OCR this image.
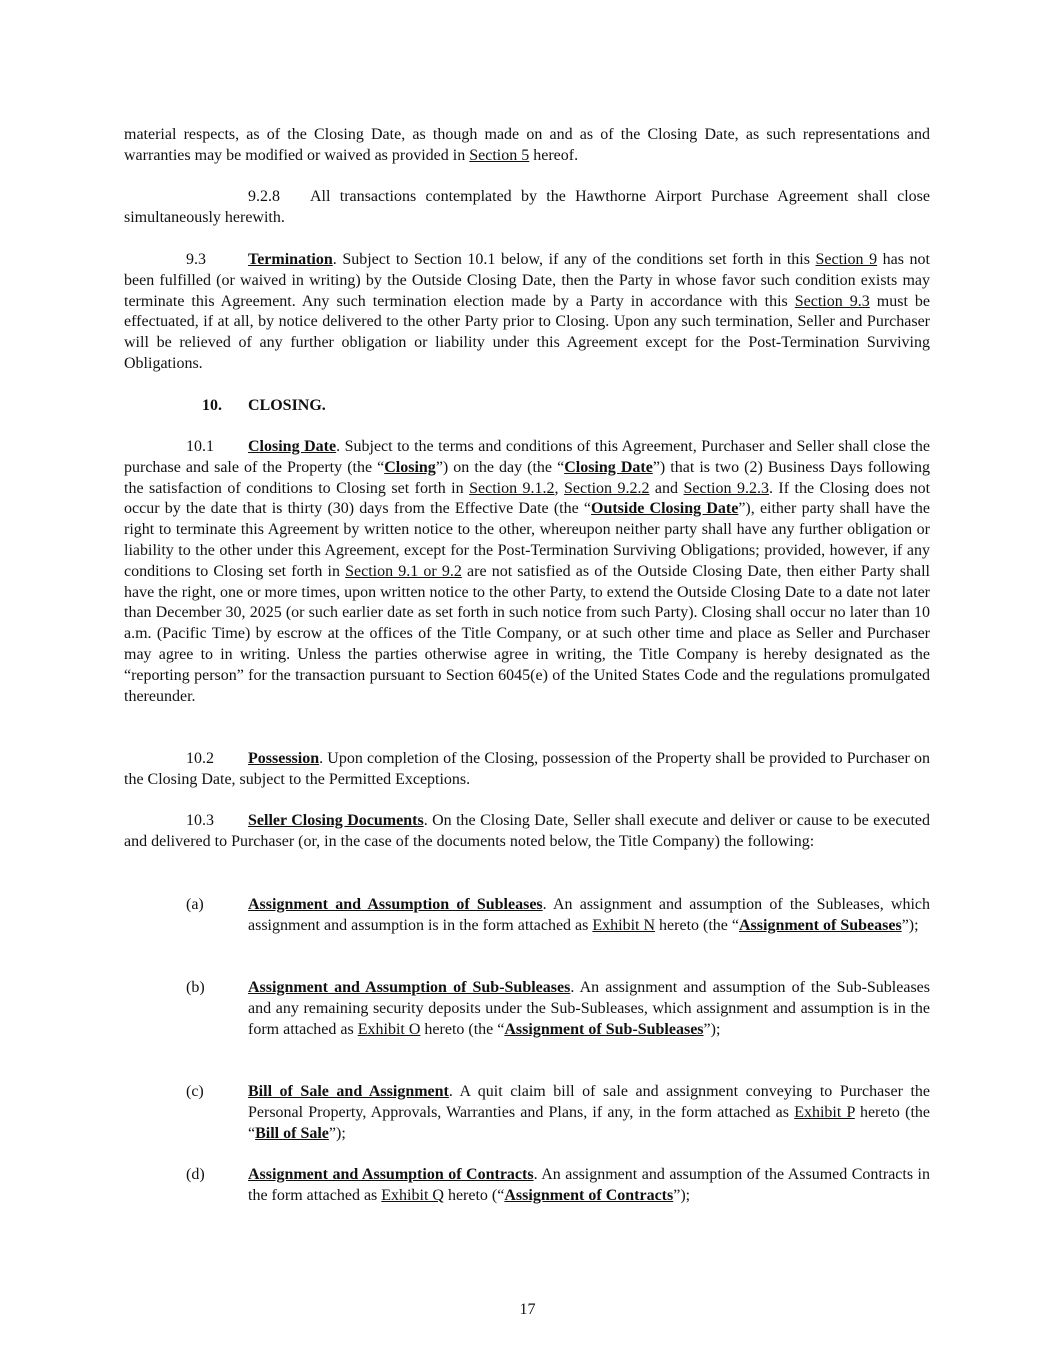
material respects, as of the Closing Date, as though made on and as of the Closing Date, as such representations and warranties may be modified or waived as provided in Section 5 hereof.

9.2.8 All transactions contemplated by the Hawthorne Airport Purchase Agreement shall close simultaneously herewith.

9.3	Termination. Subject to Section 10.1 below, if any of the conditions set forth in this Section 9 has not been fulfilled (or waived in writing) by the Outside Closing Date, then the Party in whose favor such condition exists may terminate this Agreement. Any such termination election made by a Party in accordance with this Section 9.3 must be effectuated, if at all, by notice delivered to the other Party prior to Closing. Upon any such termination, Seller and Purchaser will be relieved of any further obligation or liability under this Agreement except for the Post-Termination Surviving Obligations.

10. CLOSING.

10.1 Closing Date. Subject to the terms and conditions of this Agreement, Purchaser and Seller shall close the purchase and sale of the Property (the “Closing”) on the day (the “Closing Date”) that is two (2) Business Days following the satisfaction of conditions to Closing set forth in Section 9.1.2, Section 9.2.2 and Section 9.2.3. If the Closing does not occur by the date that is thirty (30) days from the Effective Date (the “Outside Closing Date”), either party shall have the right to terminate this Agreement by written notice to the other, whereupon neither party shall have any further obligation or liability to the other under this Agreement, except for the Post-Termination Surviving Obligations; provided, however, if any conditions to Closing set forth in Section 9.1 or 9.2 are not satisfied as of the Outside Closing Date, then either Party shall have the right, one or more times, upon written notice to the other Party, to extend the Outside Closing Date to a date not later than December 30, 2025 (or such earlier date as set forth in such notice from such Party). Closing shall occur no later than 10 a.m. (Pacific Time) by escrow at the offices of the Title Company, or at such other time and place as Seller and Purchaser may agree to in writing. Unless the parties otherwise agree in writing, the Title Company is hereby designated as the “reporting person” for the transaction pursuant to Section 6045(e) of the United States Code and the regulations promulgated thereunder.

10.2 Possession. Upon completion of the Closing, possession of the Property shall be provided to Purchaser on the Closing Date, subject to the Permitted Exceptions.

10.3 Seller Closing Documents. On the Closing Date, Seller shall execute and deliver or cause to be executed and delivered to Purchaser (or, in the case of the documents noted below, the Title Company) the following:

(a)	Assignment and Assumption of Subleases. An assignment and assumption of the Subleases, which assignment and assumption is in the form attached as Exhibit N hereto (the “Assignment of Subeases”);
(b)	Assignment and Assumption of Sub-Subleases. An assignment and assumption of the Sub-Subleases and any remaining security deposits under the Sub-Subleases, which assignment and assumption is in the form attached as Exhibit O hereto (the “Assignment of Sub-Subleases”);
(c)	Bill of Sale and Assignment. A quit claim bill of sale and assignment conveying to Purchaser the Personal Property, Approvals, Warranties and Plans, if any, in the form attached as Exhibit P hereto (the “Bill of Sale”);
(d)	Assignment and Assumption of Contracts. An assignment and assumption of the Assumed Contracts in the form attached as Exhibit Q hereto (“Assignment of Contracts”);
17
